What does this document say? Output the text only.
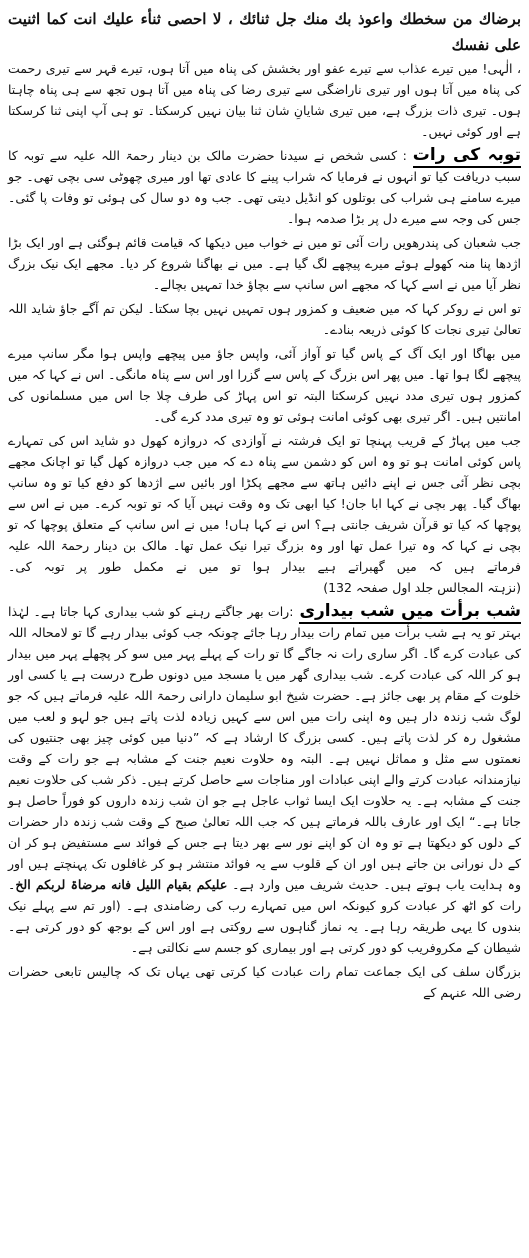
برضاك من سخطك واعوذ بك منك جل ثنائك ، لا احصى ثنأء عليك انت كما اثنيت على نفسك

، الٰہی! میں تیرے عذاب سے تیرے عفو اور بخشش کی پناہ میں آتا ہوں، تیرے قہر سے تیری رحمت کی پناہ میں آتا ہوں اور تیری ناراضگی سے تیری رضا کی پناہ میں آتا ہوں تجھ سے ہی پناہ چاہتا ہوں۔ تیری ذات بزرگ ہے، میں تیری شایانِ شان ثنا بیان نہیں کرسکتا۔ تو ہی آپ اپنی ثنا کرسکتا ہے اور کوئی نہیں۔

توبہ کی رات: کسی شخص نے سیدنا حضرت مالک بن دینار رحمۃ اللہ علیہ سے توبہ کا سبب دریافت کیا تو انہوں نے فرمایا کہ شراب پینے کا عادی تھا اور میری چھوٹی سی بچی تھی۔ جو میرے سامنے ہی شراب کی بوتلوں کو انڈیل دیتی تھی۔ جب وہ دو سال کی ہوئی تو وفات پا گئی۔ جس کی وجہ سے میرے دل پر بڑا صدمہ ہوا۔

جب شعبان کی پندرھویں رات آئی تو میں نے خواب میں دیکھا کہ قیامت قائم ہوگئی ہے اور ایک بڑا اژدھا پنا منہ کھولے ہوئے میرے پیچھے لگ گیا ہے۔ میں نے بھاگنا شروع کر دیا۔ مجھے ایک نیک بزرگ نظر آیا میں نے اسے کہا کہ مجھے اس سانپ سے بچاؤ خدا تمہیں بچالے۔

تو اس نے روکر کہا کہ میں ضعیف و کمزور ہوں تمہیں نہیں بچا سکتا۔ لیکن تم آگے جاؤ شاید اللہ تعالیٰ تیری نجات کا کوئی ذریعہ بنادے۔

میں بھاگا اور ایک آگ کے پاس گیا تو آواز آئی، واپس جاؤ میں پیچھے واپس ہوا مگر سانپ میرے پیچھے لگا ہوا تھا۔ میں پھر اس بزرگ کے پاس سے گزرا اور اس سے پناہ مانگی۔ اس نے کہا کہ میں کمزور ہوں تیری مدد نہیں کرسکتا البتہ تو اس پہاڑ کی طرف چلا جا اس میں مسلمانوں کی امانتیں ہیں۔ اگر تیری بھی کوئی امانت ہوئی تو وہ تیری مدد کرے گی۔

جب میں پہاڑ کے قریب پہنچا تو ایک فرشتہ نے آوازدی کہ دروازہ کھول دو شاید اس کی تمہارے پاس کوئی امانت ہو تو وہ اس کو دشمن سے پناہ دے کہ میں جب دروازہ کھل گیا تو اچانک مجھے بچی نظر آئی جس نے اپنے دائیں ہاتھ سے مجھے پکڑا اور بائیں سے اژدھا کو دفع کیا تو وہ سانپ بھاگ گیا۔ پھر بچی نے کہا ابا جان! کیا ابھی تک وہ وقت نہیں آیا کہ تو توبہ کرے۔ میں نے اس سے پوچھا کہ کیا تو قرآن شریف جانتی ہے؟ اس نے کہا ہاں! میں نے اس سانپ کے متعلق پوچھا کہ تو بچی نے کہا کہ وہ تیرا عمل تھا اور وہ بزرگ تیرا نیک عمل تھا۔ مالک بن دینار رحمۃ اللہ علیہ فرماتے ہیں کہ میں گھبراتے ہیے بیدار ہوا تو میں نے مکمل طور پر توبہ کی۔ (نزہتہ المجالس جلد اول صفحہ 132)

شب برأت میں شب بیداری:رات بھر جاگتے رہنے کو شب بیداری کہا جاتا ہے۔ لہٰذا بہتر تو یہ ہے شب برأت میں تمام رات بیدار رہا جائے چونکہ جب کوئی بیدار رہے گا تو لامحالہ اللہ کی عبادت کرے گا۔ اگر ساری رات نہ جاگے گا تو رات کے پہلے پہر میں سو کر پچھلے پہر میں بیدار ہو کر اللہ کی عبادت کرے۔ شب بیداری گھر میں یا مسجد میں دونوں طرح درست ہے یا کسی اور خلوت کے مقام پر بھی جائز ہے۔ حضرت شیخ ابو سلیمان دارانی رحمۃ اللہ علیہ فرماتے ہیں کہ جو لوگ شب زندہ دار ہیں وہ اپنی رات میں اس سے کہیں زیادہ لذت پاتے ہیں جو لہو و لعب میں مشغول رہ کر لذت پاتے ہیں۔ کسی بزرگ کا ارشاد ہے کہ ”دنیا میں کوئی چیز بھی جنتیوں کی نعمتوں سے مثل و مماثل نہیں ہے۔ البتہ وہ حلاوت نعیم جنت کے مشابہ ہے جو رات کے وقت نیازمندانہ عبادت کرتے والے اپنی عبادات اور مناجات سے حاصل کرتے ہیں۔ ذکر شب کی حلاوت نعیم جنت کے مشابہ ہے۔ یہ حلاوت ایک ایسا ثواب عاجل ہے جو ان شب زندہ داروں کو فوراً حاصل ہو جاتا ہے۔“ ایک اور عارف باللہ فرماتے ہیں کہ جب اللہ تعالیٰ صبح کے وقت شب زندہ دار حضرات کے دلوں کو دیکھتا ہے تو وہ ان کو اپنے نور سے بھر دیتا ہے جس کے فوائد سے مستفیض ہو کر ان کے دل نورانی بن جاتے ہیں اور ان کے قلوب سے یہ فوائد منتشر ہو کر غافلوں تک پہنچتے ہیں اور وہ ہدایت یاب ہوتے ہیں۔ حدیث شریف میں وارد ہے۔ علیکم بقیام اللیل فانه مرضاۃ لربکم الخ۔ رات کو اٹھ کر عبادت کرو کیونکہ اس میں تمہارے رب کی رضامندی ہے۔ (اور تم سے پہلے نیک بندوں کا یہی طریقہ رہا ہے۔ یہ نماز گناہوں سے روکتی ہے اور اس کے بوجھ کو دور کرتی ہے۔ شیطان کے مکروفریب کو دور کرتی ہے اور بیماری کو جسم سے نکالتی ہے۔

بزرگان سلف کی ایک جماعت تمام رات عبادت کیا کرتی تھی یہاں تک کہ چالیس تابعی حضرات رضی اللہ عنہم کے
